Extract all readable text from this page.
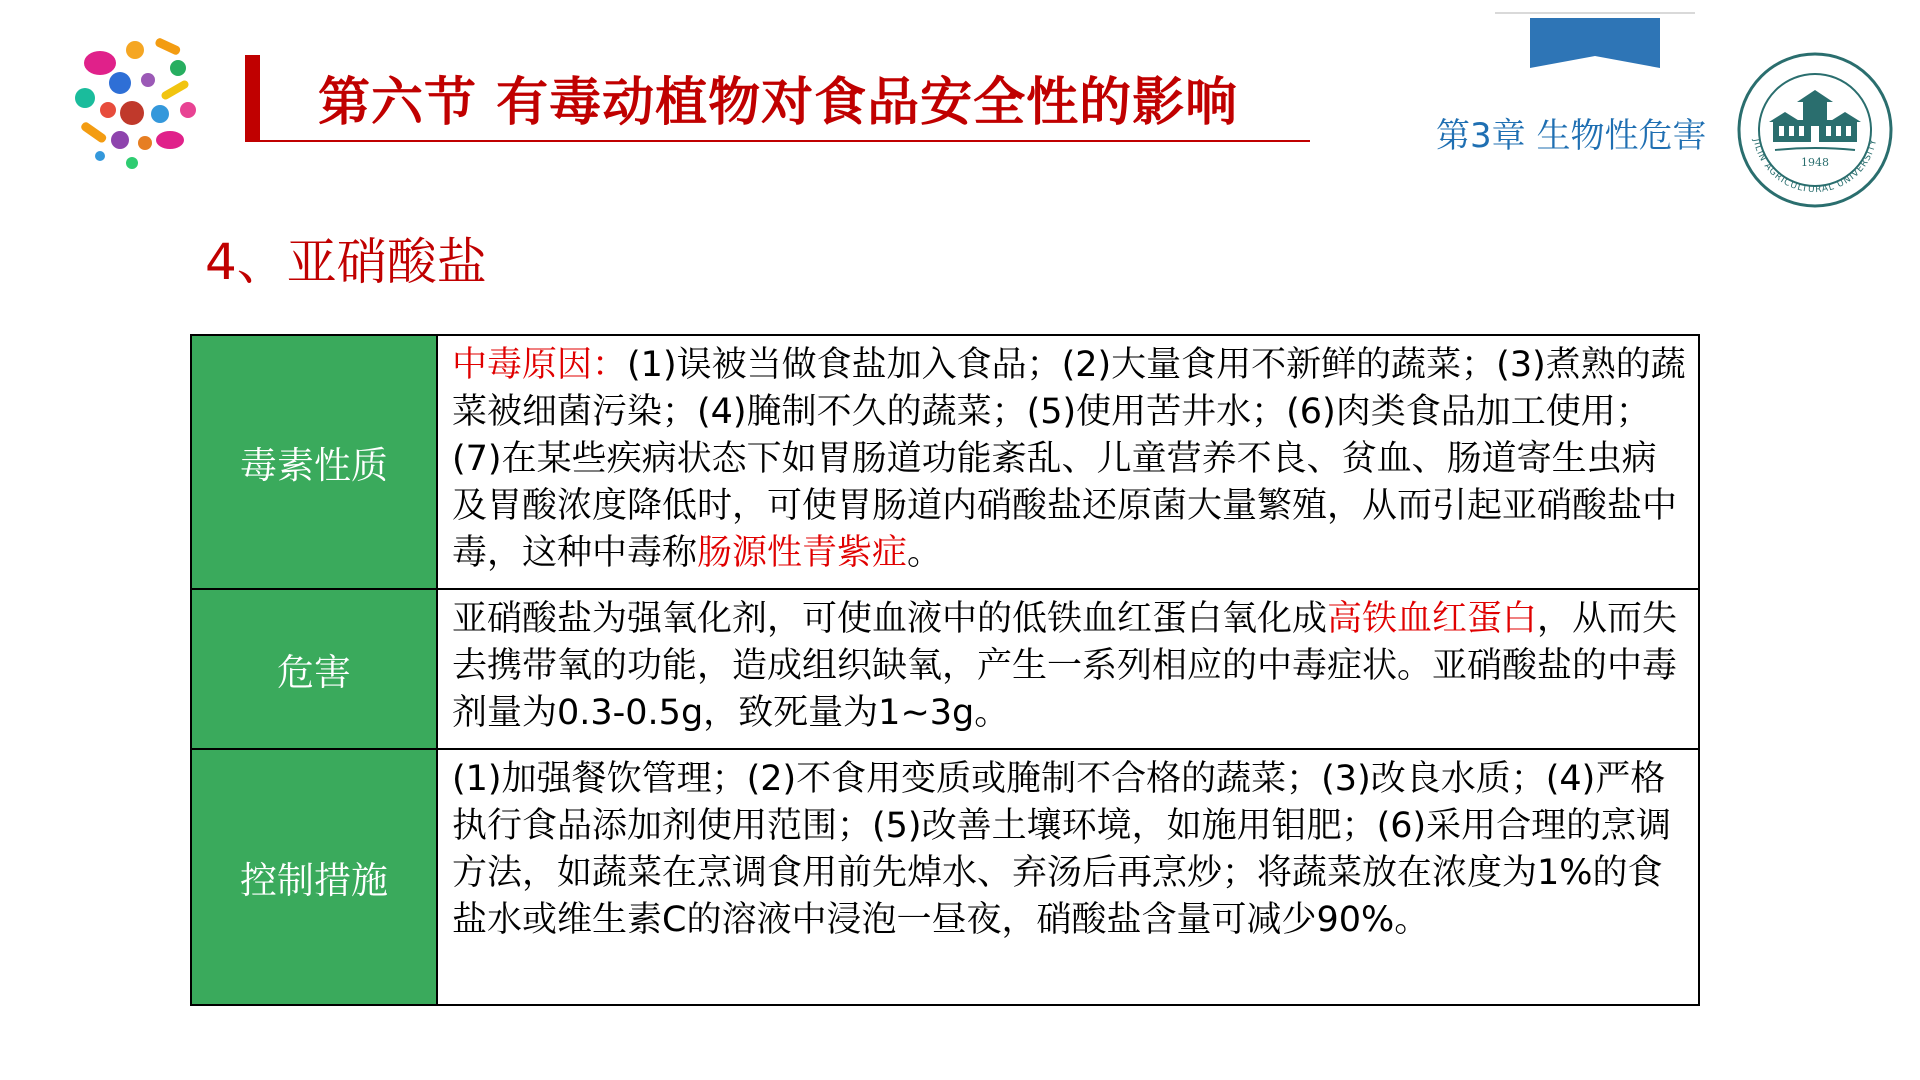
第六节 有毒动植物对食品安全性的影响
第3章 生物性危害
1948
JILIN AGRICULTURAL UNIVERSITY
4、亚硝酸盐
毒素性质	中毒原因：(1)误被当做食盐加入食品；(2)大量食用不新鲜的蔬菜；(3)煮熟的蔬菜被细菌污染；(4)腌制不久的蔬菜；(5)使用苦井水；(6)肉类食品加工使用；(7)在某些疾病状态下如胃肠道功能紊乱、儿童营养不良、贫血、肠道寄生虫病及胃酸浓度降低时，可使胃肠道内硝酸盐还原菌大量繁殖，从而引起亚硝酸盐中毒，这种中毒称肠源性青紫症。
危害	亚硝酸盐为强氧化剂，可使血液中的低铁血红蛋白氧化成高铁血红蛋白，从而失去携带氧的功能，造成组织缺氧，产生一系列相应的中毒症状。亚硝酸盐的中毒剂量为0.3-0.5g，致死量为1~3g。
控制措施	(1)加强餐饮管理；(2)不食用变质或腌制不合格的蔬菜；(3)改良水质；(4)严格执行食品添加剂使用范围；(5)改善土壤环境，如施用钼肥；(6)采用合理的烹调方法，如蔬菜在烹调食用前先焯水、弃汤后再烹炒；将蔬菜放在浓度为1%的食盐水或维生素C的溶液中浸泡一昼夜，硝酸盐含量可减少90%。
